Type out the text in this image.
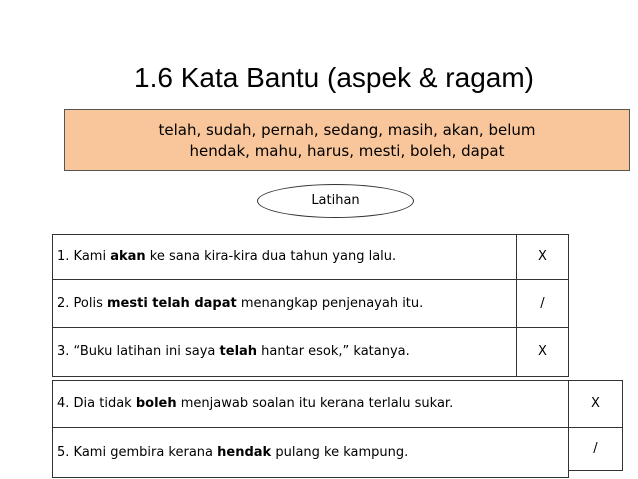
1.6 Kata Bantu (aspek & ragam)
telah, sudah, pernah, sedang, masih, akan, belum
hendak, mahu, harus, mesti, boleh, dapat
Latihan
1. Kami akan ke sana kira-kira dua tahun yang lalu.	X
2. Polis mesti telah dapat menangkap penjenayah itu.	/
3. “Buku latihan ini saya telah hantar esok,” katanya.	X
4. Dia tidak boleh menjawab soalan itu kerana terlalu sukar.	X
5. Kami gembira kerana hendak pulang ke kampung.	/
